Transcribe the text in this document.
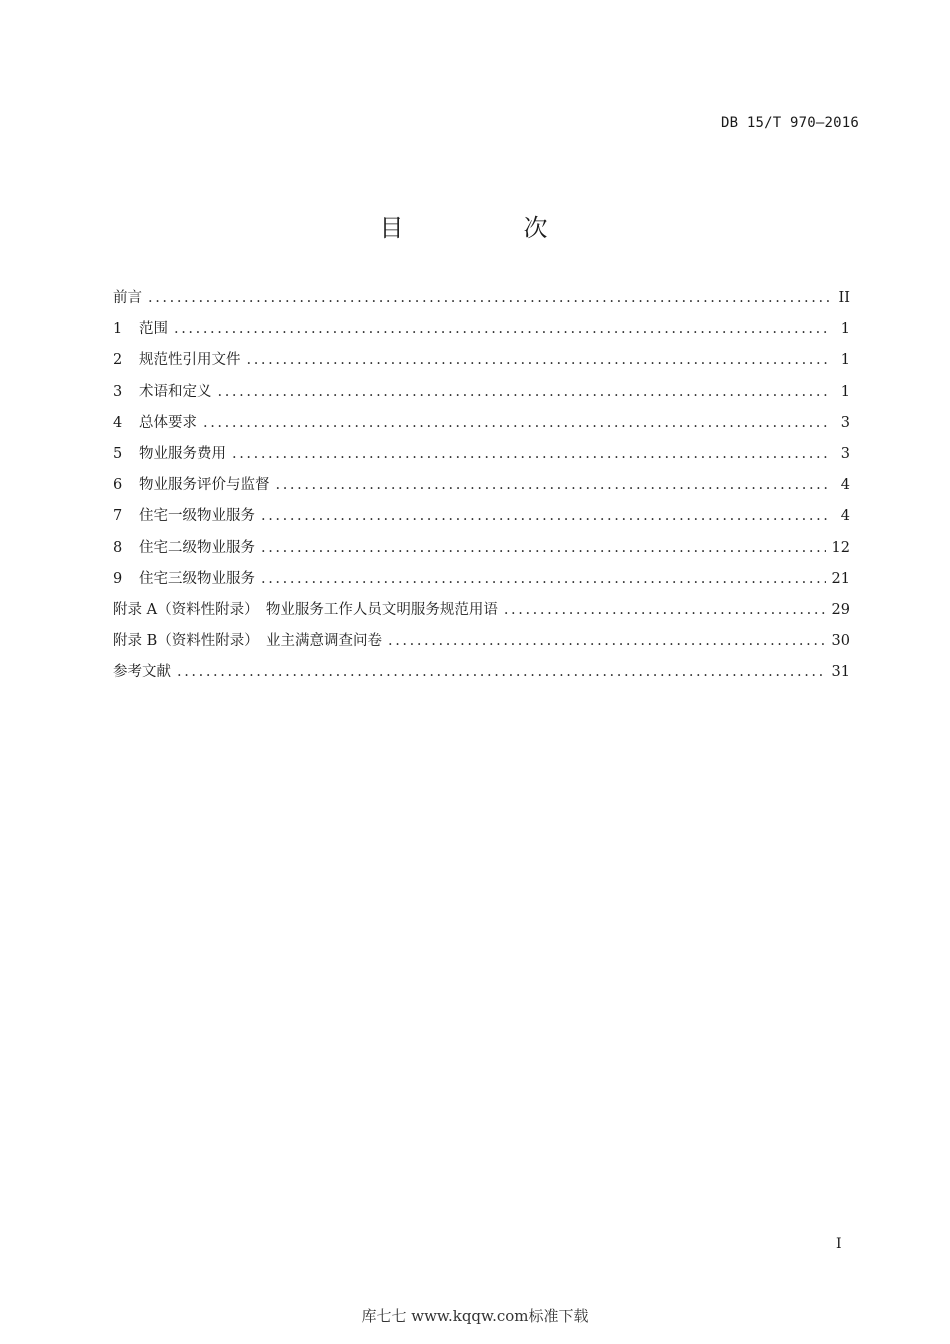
DB 15/T 970—2016
目　次
前言 .....	II
1	范围 .....	1
2	规范性引用文件 .....	1
3	术语和定义 .....	1
4	总体要求 .....	3
5	物业服务费用 .....	3
6	物业服务评价与监督 .....	4
7	住宅一级物业服务 .....	4
8	住宅二级物业服务 .....	12
9	住宅三级物业服务 .....	21
附录 A（资料性附录）　物业服务工作人员文明服务规范用语 .....	29
附录 B（资料性附录）　业主满意调查问卷 .....	30
参考文献 .....	31
I
库七七 www.kqqw.com标准下载
